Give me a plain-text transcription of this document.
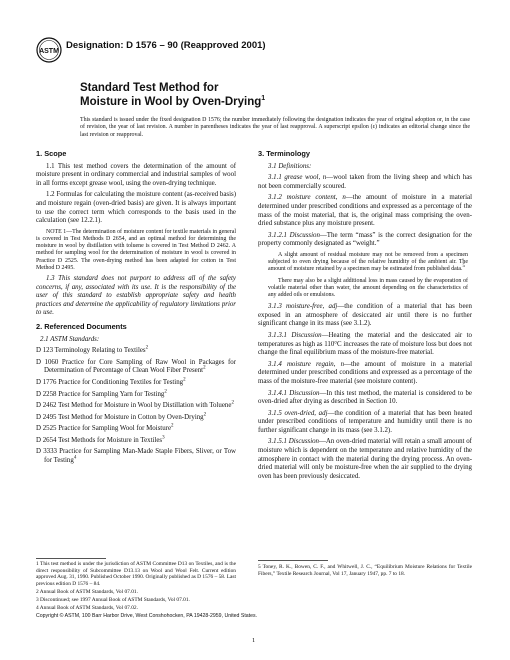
ASTM
Designation: D 1576 – 90 (Reapproved 2001)
Standard Test Method for
Moisture in Wool by Oven-Drying$^1$
This standard is issued under the fixed designation D 1576; the number immediately following the designation indicates the year of original adoption or, in the case of revision, the year of last revision. A number in parentheses indicates the year of last reapproval. A superscript epsilon (ε) indicates an editorial change since the last revision or reapproval.
1. Scope

1.1 This test method covers the determination of the amount of moisture present in ordinary commercial and industrial samples of wool in all forms except grease wool, using the oven-drying technique.

1.2 Formulas for calculating the moisture content (as-received basis) and moisture regain (oven-dried basis) are given. It is always important to use the correct term which corresponds to the basis used in the calculation (see 12.2.1).

NOTE 1—The determination of moisture content for textile materials in general is covered in Test Methods D 2654, and an optimal method for determining the moisture in wool by distillation with toluene is covered in Test Method D 2462. A method for sampling wool for the determination of moisture in wool is covered in Practice D 2525. The oven-drying method has been adapted for cotton in Test Method D 2495.

1.3 This standard does not purport to address all of the safety concerns, if any, associated with its use. It is the responsibility of the user of this standard to establish appropriate safety and health practices and determine the applicability of regulatory limitations prior to use.

2. Referenced Documents

2.1 ASTM Standards:

D 123 Terminology Relating to Textiles$^2$

D 1060 Practice for Core Sampling of Raw Wool in Packages for Determination of Percentage of Clean Wool Fiber Present$^2$

D 1776 Practice for Conditioning Textiles for Testing$^2$

D 2258 Practice for Sampling Yarn for Testing$^2$

D 2462 Test Method for Moisture in Wool by Distillation with Toluene$^2$

D 2495 Test Method for Moisture in Cotton by Oven-Drying$^2$

D 2525 Practice for Sampling Wool for Moisture$^2$

D 2654 Test Methods for Moisture in Textiles$^3$

D 3333 Practice for Sampling Man-Made Staple Fibers, Sliver, or Tow for Testing$^4$

1 This test method is under the jurisdiction of ASTM Committee D13 on Textiles, and is the direct responsibility of Subcommittee D13.13 on Wool and Wool Felt. Current edition approved Aug. 31, 1990. Published October 1990. Originally published as D 1576 – 58. Last previous edition D 1576 – 84.

2 Annual Book of ASTM Standards, Vol 07.01.

3 Discontinued; see 1997 Annual Book of ASTM Standards, Vol 07.01.

4 Annual Book of ASTM Standards, Vol 07.02.

3. Terminology

3.1 Definitions:

3.1.1 grease wool, n—wool taken from the living sheep and which has not been commercially scoured.

3.1.2 moisture content, n—the amount of moisture in a material determined under prescribed conditions and expressed as a percentage of the mass of the moist material, that is, the original mass comprising the oven-dried substance plus any moisture present.

3.1.2.1 Discussion—The term “mass” is the correct designation for the property commonly designated as “weight.”

A slight amount of residual moisture may not be removed from a specimen subjected to oven drying because of the relative humidity of the ambient air. The amount of moisture retained by a specimen may be estimated from published data.$^5$

There may also be a slight additional loss in mass caused by the evaporation of volatile material other than water, the amount depending on the characteristics of any added oils or emulsions.

3.1.3 moisture-free, adj—the condition of a material that has been exposed in an atmosphere of desiccated air until there is no further significant change in its mass (see 3.1.2).

3.1.3.1 Discussion—Heating the material and the desiccated air to temperatures as high as 110°C increases the rate of moisture loss but does not change the final equilibrium mass of the moisture-free material.

3.1.4 moisture regain, n—the amount of moisture in a material determined under prescribed conditions and expressed as a percentage of the mass of the moisture-free material (see moisture content).

3.1.4.1 Discussion—In this test method, the material is considered to be oven-dried after drying as described in Section 10.

3.1.5 oven-dried, adj—the condition of a material that has been heated under prescribed conditions of temperature and humidity until there is no further significant change in its mass (see 3.1.2).

3.1.5.1 Discussion—An oven-dried material will retain a small amount of moisture which is dependent on the temperature and relative humidity of the atmosphere in contact with the material during the drying process. An oven-dried material will only be moisture-free when the air supplied to the drying oven has been previously desiccated.

5 Toney, R. K., Bowen, C. F., and Whitwell, J. C., “Equilibrium Moisture Relations for Textile Fibers,” Textile Research Journal, Vol 17, January 1947, pp. 7 to 18.

Copyright © ASTM, 100 Barr Harbor Drive, West Conshohocken, PA 19428-2959, United States.
1
